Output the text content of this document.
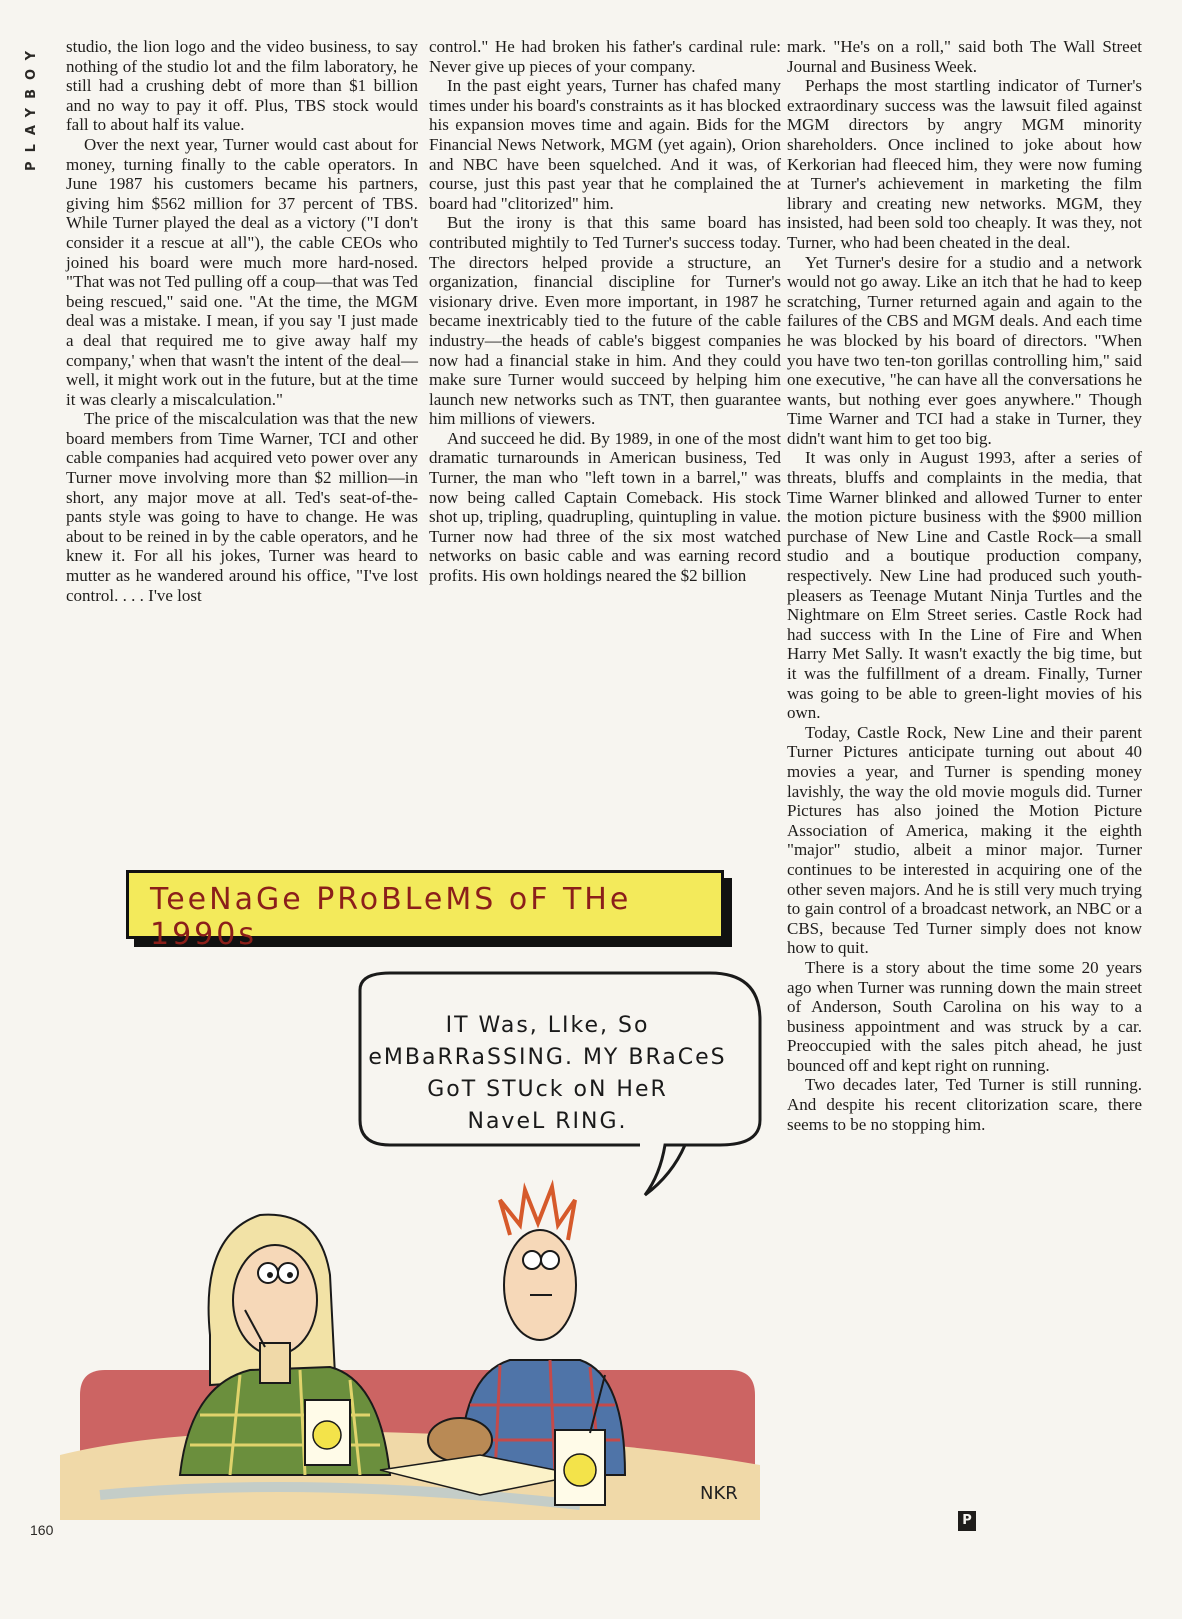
PLAYBOY	studio, the lion logo and the video business, to say nothing of the studio lot and the film laboratory, he still had a crushing debt of more than $1 billion and no way to pay it off. Plus, TBS stock would fall to about half its value.

Over the next year, Turner would cast about for money, turning finally to the cable operators. In June 1987 his customers became his partners, giving him $562 million for 37 percent of TBS. While Turner played the deal as a victory ("I don't consider it a rescue at all"), the cable CEOs who joined his board were much more hard-nosed. "That was not Ted pulling off a coup—that was Ted being rescued," said one. "At the time, the MGM deal was a mistake. I mean, if you say 'I just made a deal that required me to give away half my company,' when that wasn't the intent of the deal—well, it might work out in the future, but at the time it was clearly a miscalculation."

The price of the miscalculation was that the new board members from Time Warner, TCI and other cable companies had acquired veto power over any Turner move involving more than $2 million—in short, any major move at all. Ted's seat-of-the-pants style was going to have to change. He was about to be reined in by the cable operators, and he knew it. For all his jokes, Turner was heard to mutter as he wandered around his office, "I've lost control. . . . I've lost

control." He had broken his father's cardinal rule: Never give up pieces of your company.

In the past eight years, Turner has chafed many times under his board's constraints as it has blocked his expansion moves time and again. Bids for the Financial News Network, MGM (yet again), Orion and NBC have been squelched. And it was, of course, just this past year that he complained the board had "clitorized" him.

But the irony is that this same board has contributed mightily to Ted Turner's success today. The directors helped provide a structure, an organization, financial discipline for Turner's visionary drive. Even more important, in 1987 he became inextricably tied to the future of the cable industry—the heads of cable's biggest companies now had a financial stake in him. And they could make sure Turner would succeed by helping him launch new networks such as TNT, then guarantee him millions of viewers.

And succeed he did. By 1989, in one of the most dramatic turnarounds in American business, Ted Turner, the man who "left town in a barrel," was now being called Captain Comeback. His stock shot up, tripling, quadrupling, quintupling in value. Turner now had three of the six most watched networks on basic cable and was earning record profits. His own holdings neared the $2 billion

mark. "He's on a roll," said both The Wall Street Journal and Business Week.

Perhaps the most startling indicator of Turner's extraordinary success was the lawsuit filed against MGM directors by angry MGM minority shareholders. Once inclined to joke about how Kerkorian had fleeced him, they were now fuming at Turner's achievement in marketing the film library and creating new networks. MGM, they insisted, had been sold too cheaply. It was they, not Turner, who had been cheated in the deal.

Yet Turner's desire for a studio and a network would not go away. Like an itch that he had to keep scratching, Turner returned again and again to the failures of the CBS and MGM deals. And each time he was blocked by his board of directors. "When you have two ten-ton gorillas controlling him," said one executive, "he can have all the conversations he wants, but nothing ever goes anywhere." Though Time Warner and TCI had a stake in Turner, they didn't want him to get too big.

It was only in August 1993, after a series of threats, bluffs and complaints in the media, that Time Warner blinked and allowed Turner to enter the motion picture business with the $900 million purchase of New Line and Castle Rock—a small studio and a boutique production company, respectively. New Line had produced such youth-pleasers as Teenage Mutant Ninja Turtles and the Nightmare on Elm Street series. Castle Rock had had success with In the Line of Fire and When Harry Met Sally. It wasn't exactly the big time, but it was the fulfillment of a dream. Finally, Turner was going to be able to green-light movies of his own.

Today, Castle Rock, New Line and their parent Turner Pictures anticipate turning out about 40 movies a year, and Turner is spending money lavishly, the way the old movie moguls did. Turner Pictures has also joined the Motion Picture Association of America, making it the eighth "major" studio, albeit a minor major. Turner continues to be interested in acquiring one of the other seven majors. And he is still very much trying to gain control of a broadcast network, an NBC or a CBS, because Ted Turner simply does not know how to quit.

There is a story about the time some 20 years ago when Turner was running down the main street of Anderson, South Carolina on his way to a business appointment and was struck by a car. Preoccupied with the sales pitch ahead, he just bounced off and kept right on running.

Two decades later, Ted Turner is still running. And despite his recent clitorization scare, there seems to be no stopping him.

TeeNaGe PRoBLeMS oF THe 1990s
IT Was, LIke, So
eMBaRRaSSING. MY BRaCeS
GoT STUck oN HeR
NaveL RING.
NKR
160
P
